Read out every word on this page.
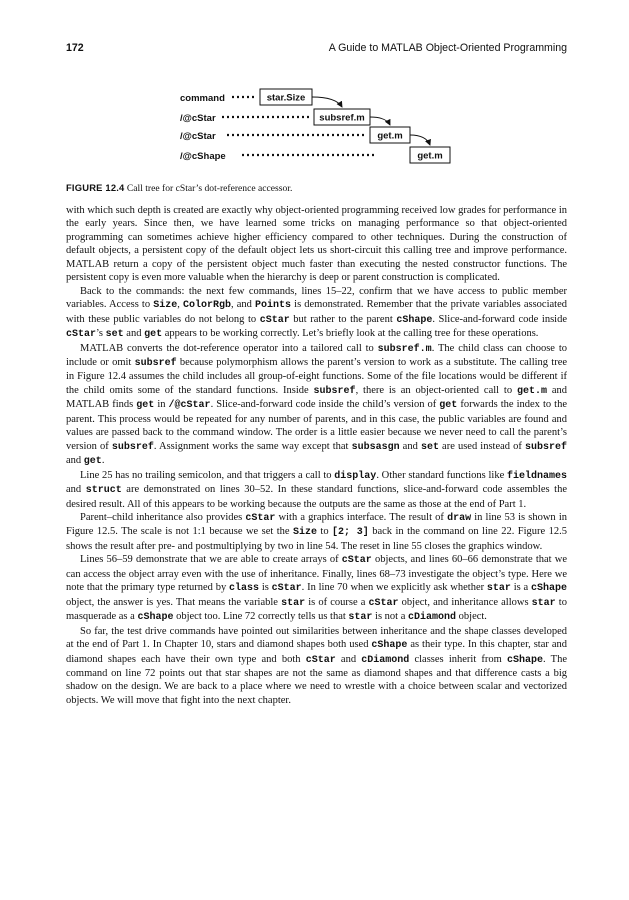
172	A Guide to MATLAB Object-Oriented Programming
command
/@cStar
/@cStar
/@cShape
star.Size
subsref.m
get.m
get.m
FIGURE 12.4 Call tree for cStar’s dot-reference accessor.

with which such depth is created are exactly why object-oriented programming received low grades for performance in the early years. Since then, we have learned some tricks on managing performance so that object-oriented programming can sometimes achieve higher efficiency compared to other techniques. During the construction of default objects, a persistent copy of the default object lets us short-circuit this calling tree and improve performance. MATLAB return a copy of the persistent object much faster than executing the nested constructor functions. The persistent copy is even more valuable when the hierarchy is deep or parent construction is complicated.

Back to the commands: the next few commands, lines 15–22, confirm that we have access to public member variables. Access to Size, ColorRgb, and Points is demonstrated. Remember that the private variables associated with these public variables do not belong to cStar but rather to the parent cShape. Slice-and-forward code inside cStar’s set and get appears to be working correctly. Let’s briefly look at the calling tree for these operations.

MATLAB converts the dot-reference operator into a tailored call to subsref.m. The child class can choose to include or omit subsref because polymorphism allows the parent’s version to work as a substitute. The calling tree in Figure 12.4 assumes the child includes all group-of-eight functions. Some of the file locations would be different if the child omits some of the standard functions. Inside subsref, there is an object-oriented call to get.m and MATLAB finds get in /@cStar. Slice-and-forward code inside the child’s version of get forwards the index to the parent. This process would be repeated for any number of parents, and in this case, the public variables are found and values are passed back to the command window. The order is a little easier because we never need to call the parent’s version of subsref. Assignment works the same way except that subsasgn and set are used instead of subsref and get.

Line 25 has no trailing semicolon, and that triggers a call to display. Other standard functions like fieldnames and struct are demonstrated on lines 30–52. In these standard functions, slice-and-forward code assembles the desired result. All of this appears to be working because the outputs are the same as those at the end of Part 1.

Parent–child inheritance also provides cStar with a graphics interface. The result of draw in line 53 is shown in Figure 12.5. The scale is not 1:1 because we set the Size to [2; 3] back in the command on line 22. Figure 12.5 shows the result after pre- and postmultiplying by two in line 54. The reset in line 55 closes the graphics window.

Lines 56–59 demonstrate that we are able to create arrays of cStar objects, and lines 60–66 demonstrate that we can access the object array even with the use of inheritance. Finally, lines 68–73 investigate the object’s type. Here we note that the primary type returned by class is cStar. In line 70 when we explicitly ask whether star is a cShape object, the answer is yes. That means the variable star is of course a cStar object, and inheritance allows star to masquerade as a cShape object too. Line 72 correctly tells us that star is not a cDiamond object.

So far, the test drive commands have pointed out similarities between inheritance and the shape classes developed at the end of Part 1. In Chapter 10, stars and diamond shapes both used cShape as their type. In this chapter, star and diamond shapes each have their own type and both cStar and cDiamond classes inherit from cShape. The command on line 72 points out that star shapes are not the same as diamond shapes and that difference casts a big shadow on the design. We are back to a place where we need to wrestle with a choice between scalar and vectorized objects. We will move that fight into the next chapter.
